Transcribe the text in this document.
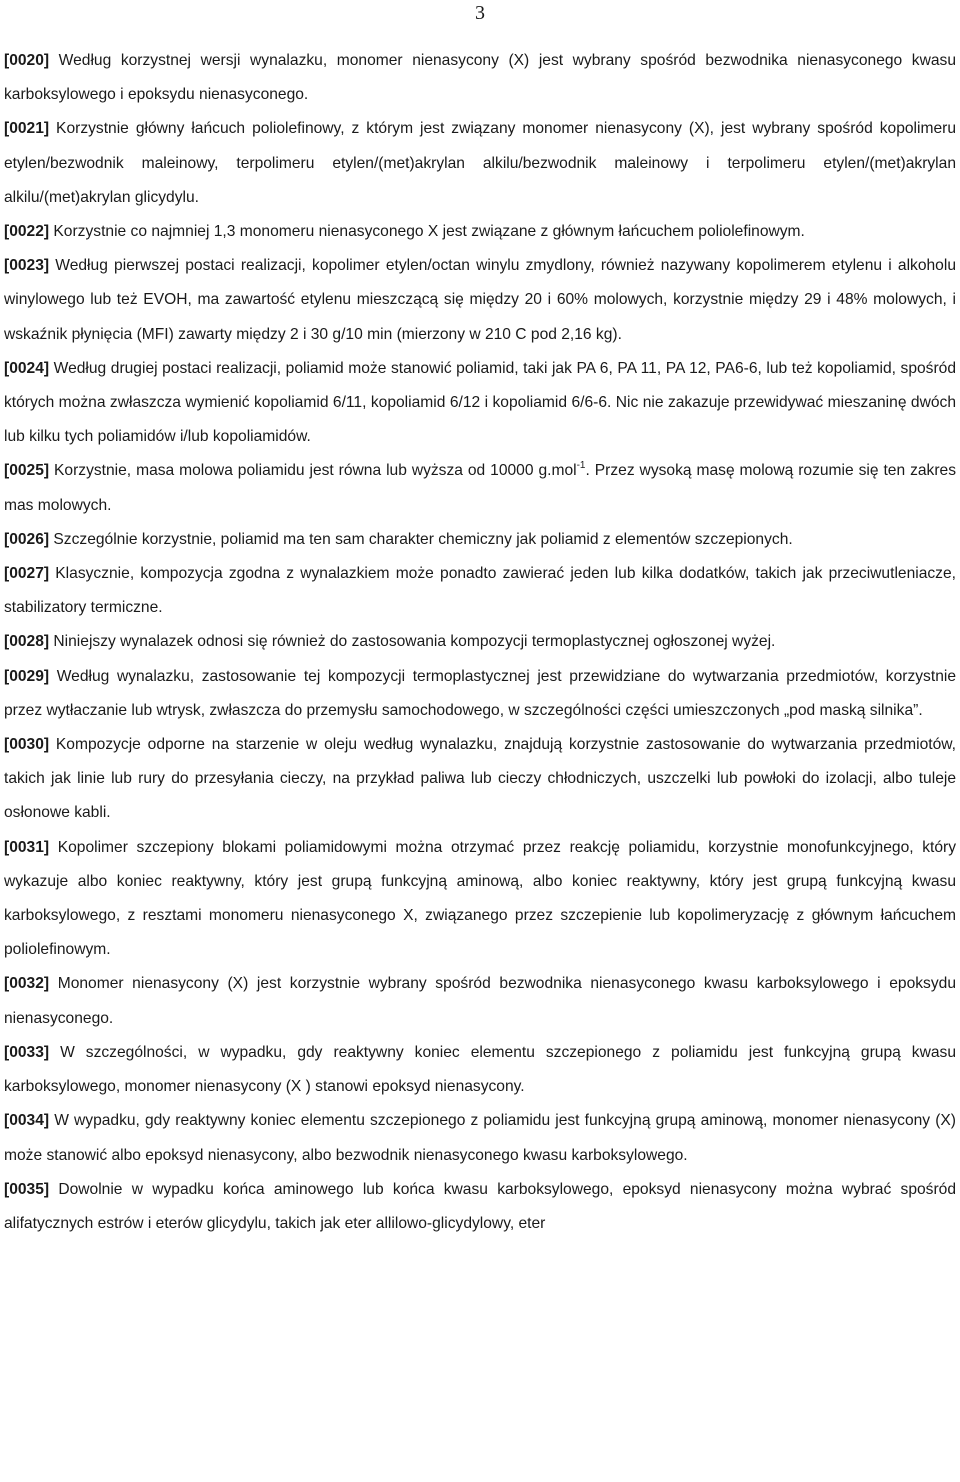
3

[0020] Według korzystnej wersji wynalazku, monomer nienasycony (X) jest wybrany spośród bezwodnika nienasyconego kwasu karboksylowego i epoksydu nienasyconego.

[0021] Korzystnie główny łańcuch poliolefinowy, z którym jest związany monomer nienasycony (X), jest wybrany spośród kopolimeru etylen/bezwodnik maleinowy, terpolimeru etylen/(met)akrylan alkilu/bezwodnik maleinowy i terpolimeru etylen/(met)akrylan alkilu/(met)akrylan glicydylu.

[0022] Korzystnie co najmniej 1,3 monomeru nienasyconego X jest związane z głównym łańcuchem poliolefinowym.

[0023] Według pierwszej postaci realizacji, kopolimer etylen/octan winylu zmydlony, również nazywany kopolimerem etylenu i alkoholu winylowego lub też EVOH, ma zawartość etylenu mieszczącą się między 20 i 60% molowych, korzystnie między 29 i 48% molowych, i wskaźnik płynięcia (MFI) zawarty między 2 i 30 g/10 min (mierzony w 210 C pod 2,16 kg).

[0024] Według drugiej postaci realizacji, poliamid może stanowić poliamid, taki jak PA 6, PA 11, PA 12, PA6-6, lub też kopoliamid, spośród których można zwłaszcza wymienić kopoliamid 6/11, kopoliamid 6/12 i kopoliamid 6/6-6. Nic nie zakazuje przewidywać mieszaninę dwóch lub kilku tych poliamidów i/lub kopoliamidów.

[0025] Korzystnie, masa molowa poliamidu jest równa lub wyższa od 10000 g.mol$^{-1}$. Przez wysoką masę molową rozumie się ten zakres mas molowych.

[0026] Szczególnie korzystnie, poliamid ma ten sam charakter chemiczny jak poliamid z elementów szczepionych.

[0027] Klasycznie, kompozycja zgodna z wynalazkiem może ponadto zawierać jeden lub kilka dodatków, takich jak przeciwutleniacze, stabilizatory termiczne.

[0028] Niniejszy wynalazek odnosi się również do zastosowania kompozycji termoplastycznej ogłoszonej wyżej.

[0029] Według wynalazku, zastosowanie tej kompozycji termoplastycznej jest przewidziane do wytwarzania przedmiotów, korzystnie przez wytłaczanie lub wtrysk, zwłaszcza do przemysłu samochodowego, w szczególności części umieszczonych „pod maską silnika”.

[0030] Kompozycje odporne na starzenie w oleju według wynalazku, znajdują korzystnie zastosowanie do wytwarzania przedmiotów, takich jak linie lub rury do przesyłania cieczy, na przykład paliwa lub cieczy chłodniczych, uszczelki lub powłoki do izolacji, albo tuleje osłonowe kabli.

[0031] Kopolimer szczepiony blokami poliamidowymi można otrzymać przez reakcję poliamidu, korzystnie monofunkcyjnego, który wykazuje albo koniec reaktywny, który jest grupą funkcyjną aminową, albo koniec reaktywny, który jest grupą funkcyjną kwasu karboksylowego, z resztami monomeru nienasyconego X, związanego przez szczepienie lub kopolimeryzację z głównym łańcuchem poliolefinowym.

[0032] Monomer nienasycony (X) jest korzystnie wybrany spośród bezwodnika nienasyconego kwasu karboksylowego i epoksydu nienasyconego.

[0033] W szczególności, w wypadku, gdy reaktywny koniec elementu szczepionego z poliamidu jest funkcyjną grupą kwasu karboksylowego, monomer nienasycony (X ) stanowi epoksyd nienasycony.

[0034] W wypadku, gdy reaktywny koniec elementu szczepionego z poliamidu jest funkcyjną grupą aminową, monomer nienasycony (X) może stanowić albo epoksyd nienasycony, albo bezwodnik nienasyconego kwasu karboksylowego.

[0035] Dowolnie w wypadku końca aminowego lub końca kwasu karboksylowego, epoksyd nienasycony można wybrać spośród alifatycznych estrów i eterów glicydylu, takich jak eter allilowo-glicydylowy, eter
